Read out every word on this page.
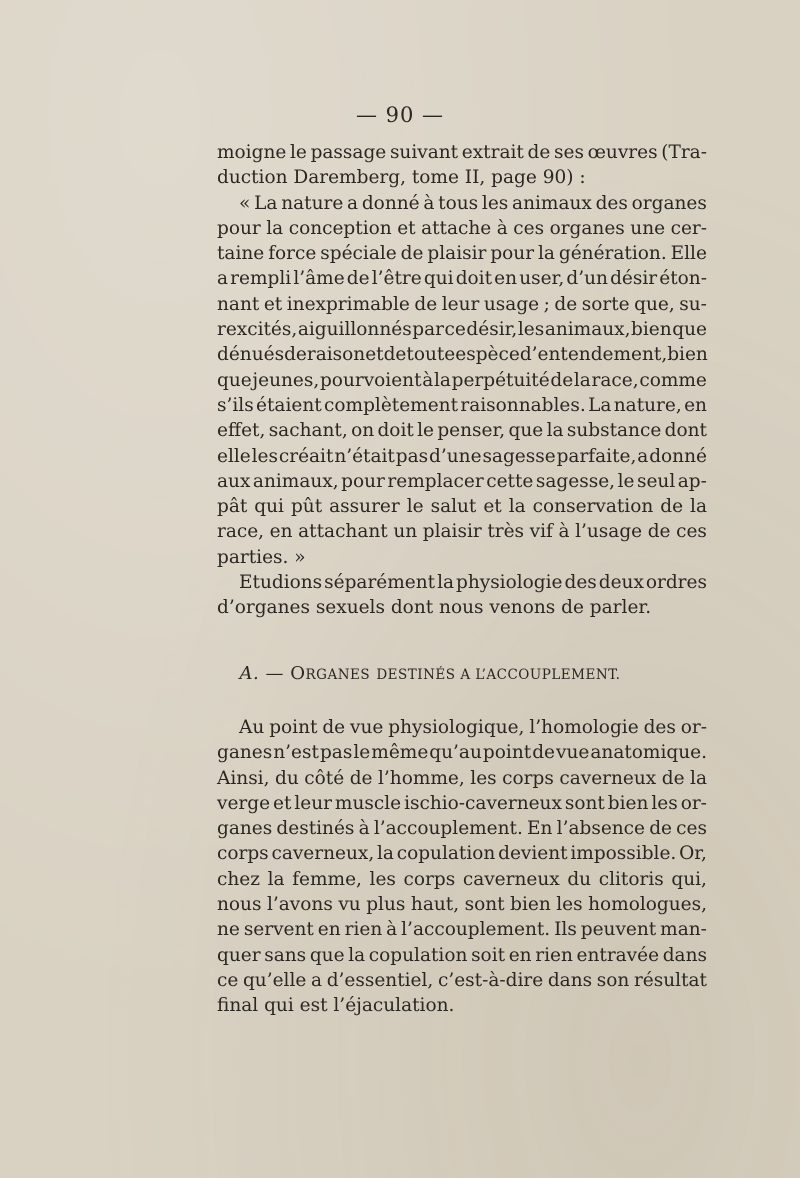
— 90 —
moigne le passage suivant extrait de ses œuvres (Tra-
duction Daremberg, tome II, page 90) :
« La nature a donné à tous les animaux des organes
pour la conception et attache à ces organes une cer-
taine force spéciale de plaisir pour la génération. Elle
a rempli l’âme de l’être qui doit en user, d’un désir éton-
nant et inexprimable de leur usage ; de sorte que, su-
rexcités, aiguillonnés par ce désir, les animaux, bien que
dénués de raison et de toute espèce d’entendement, bien
que jeunes, pourvoient à la perpétuité de la race, comme
s’ils étaient complètement raisonnables. La nature, en
effet, sachant, on doit le penser, que la substance dont
elle les créait n’était pas d’une sagesse parfaite, a donné
aux animaux, pour remplacer cette sagesse, le seul ap-
pât qui pût assurer le salut et la conservation de la
race, en attachant un plaisir très vif à l’usage de ces
parties. »
Etudions séparément la physiologie des deux ordres
d’organes sexuels dont nous venons de parler.
A. — ORGANES DESTINÉS A L’ACCOUPLEMENT.
Au point de vue physiologique, l’homologie des or-
ganes n’est pas le même qu’au point de vue anatomique.
Ainsi, du côté de l’homme, les corps caverneux de la
verge et leur muscle ischio-caverneux sont bien les or-
ganes destinés à l’accouplement. En l’absence de ces
corps caverneux, la copulation devient impossible. Or,
chez la femme, les corps caverneux du clitoris qui,
nous l’avons vu plus haut, sont bien les homologues,
ne servent en rien à l’accouplement. Ils peuvent man-
quer sans que la copulation soit en rien entravée dans
ce qu’elle a d’essentiel, c’est-à-dire dans son résultat
final qui est l’éjaculation.
